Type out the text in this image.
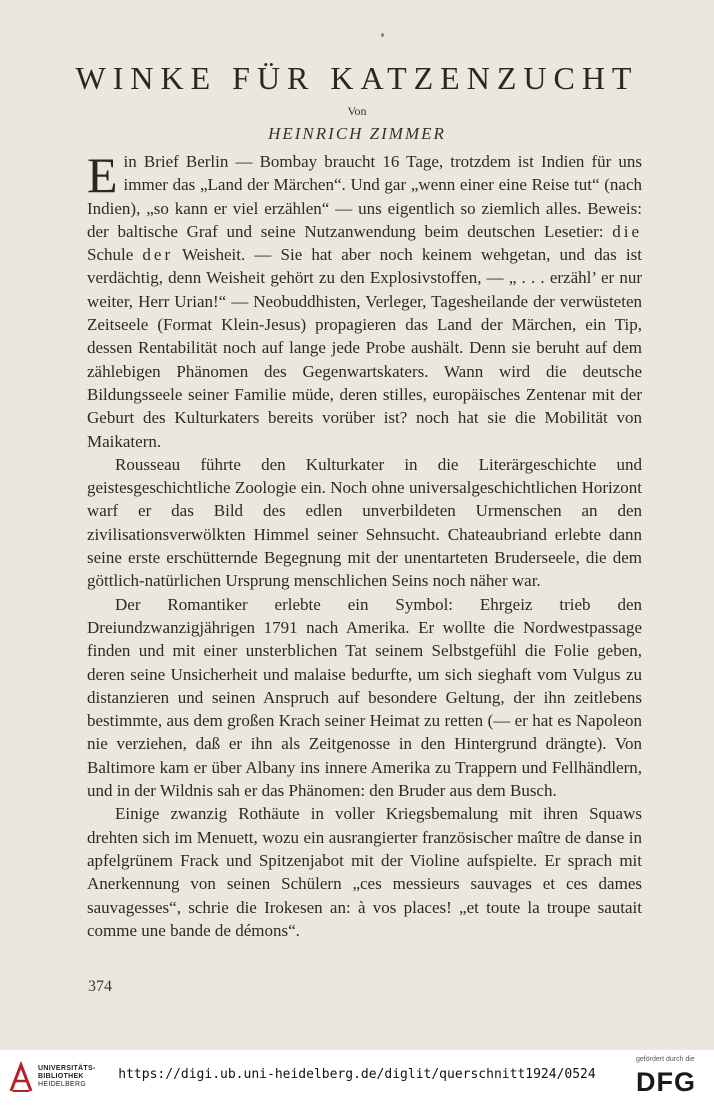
WINKE FÜR KATZENZUCHT
Von
HEINRICH ZIMMER

Ein Brief Berlin — Bombay braucht 16 Tage, trotzdem ist Indien für uns immer das „Land der Märchen“. Und gar „wenn einer eine Reise tut“ (nach Indien), „so kann er viel erzählen“ — uns eigentlich so ziemlich alles. Beweis: der baltische Graf und seine Nutzanwendung beim deutschen Lesetier: die Schule der Weisheit. — Sie hat aber noch keinem wehgetan, und das ist verdächtig, denn Weisheit gehört zu den Explosivstoffen, — „ . . . erzähl’ er nur weiter, Herr Urian!“ — Neobuddhisten, Verleger, Tagesheilande der verwüsteten Zeitseele (Format Klein-Jesus) propagieren das Land der Märchen, ein Tip, dessen Rentabilität noch auf lange jede Probe aushält. Denn sie beruht auf dem zählebigen Phänomen des Gegenwartskaters. Wann wird die deutsche Bildungsseele seiner Familie müde, deren stilles, europäisches Zentenar mit der Geburt des Kulturkaters bereits vorüber ist? noch hat sie die Mobilität von Maikatern.

Rousseau führte den Kulturkater in die Literärgeschichte und geistesgeschichtliche Zoologie ein. Noch ohne universalgeschichtlichen Horizont warf er das Bild des edlen unverbildeten Urmenschen an den zivilisationsverwölkten Himmel seiner Sehnsucht. Chateaubriand erlebte dann seine erste erschütternde Begegnung mit der unentarteten Bruderseele, die dem göttlich-natürlichen Ursprung menschlichen Seins noch näher war.

Der Romantiker erlebte ein Symbol: Ehrgeiz trieb den Dreiundzwanzigjährigen 1791 nach Amerika. Er wollte die Nordwestpassage finden und mit einer unsterblichen Tat seinem Selbstgefühl die Folie geben, deren seine Unsicherheit und malaise bedurfte, um sich sieghaft vom Vulgus zu distanzieren und seinen Anspruch auf besondere Geltung, der ihn zeitlebens bestimmte, aus dem großen Krach seiner Heimat zu retten (— er hat es Napoleon nie verziehen, daß er ihn als Zeitgenosse in den Hintergrund drängte). Von Baltimore kam er über Albany ins innere Amerika zu Trappern und Fellhändlern, und in der Wildnis sah er das Phänomen: den Bruder aus dem Busch.

Einige zwanzig Rothäute in voller Kriegsbemalung mit ihren Squaws drehten sich im Menuett, wozu ein ausrangierter französischer maître de danse in apfelgrünem Frack und Spitzenjabot mit der Violine aufspielte. Er sprach mit Anerkennung von seinen Schülern „ces messieurs sauvages et ces dames sauvagesses“, schrie die Irokesen an: à vos places! „et toute la troupe sautait comme une bande de démons“.

374
UNIVERSITÄTS-
BIBLIOTHEK
HEIDELBERG
https://digi.ub.uni-heidelberg.de/diglit/querschnitt1924/0524
gefördert durch die
DFG
